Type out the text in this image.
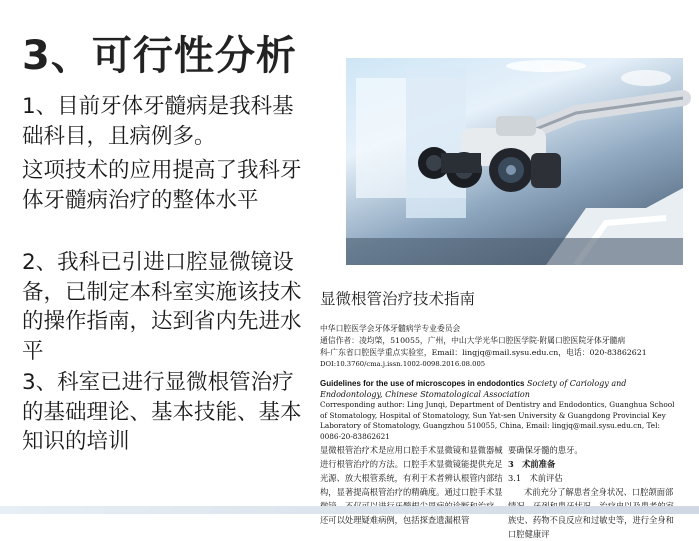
3、可行性分析

1、目前牙体牙髓病是我科基础科目，且病例多。

这项技术的应用提高了我科牙体牙髓病治疗的整体水平

2、我科已引进口腔显微镜设备，已制定本科室实施该技术的操作指南，达到省内先进水平

3、科室已进行显微根管治疗的基础理论、基本技能、基本知识的培训

显微根管治疗技术指南
中华口腔医学会牙体牙髓病学专业委员会
通信作者：凌均棨，510055，广州，中山大学光华口腔医学院·附属口腔医院牙体牙髓病
科·广东省口腔医学重点实验室，Email：lingjq@mail.sysu.edu.cn，电话：020-83862621
DOI:10.3760/cma.j.issn.1002-0098.2016.08.005
Guidelines for the use of microscopes in endodontics Society of Cariology and Endodontology, Chinese Stomatological Association
Corresponding author: Ling Junqi, Department of Dentistry and Endodontics, Guanghua School of Stomatology, Hospital of Stomatology, Sun Yat-sen University & Guangdong Provincial Key Laboratory of Stomatology, Guangzhou 510055, China, Email: lingjq@mail.sysu.edu.cn, Tel: 0086-20-83862621
显微根管治疗术是应用口腔手术显微镜和显微器械进行根管治疗的方法。口腔手术显微镜能提供充足光源、放大根管系统，有利于术者辨认根管内部结构，显著提高根管治疗的精确度。通过口腔手术显 还可以处理疑难病例，包括探查遗漏根管
要确保牙髓的患牙。
3　术前准备
3.1　术前评估
术前充分了解患者全身状况、口腔颌面部 族史、药物不良反应和过敏史等，进行全身和口腔健康评
